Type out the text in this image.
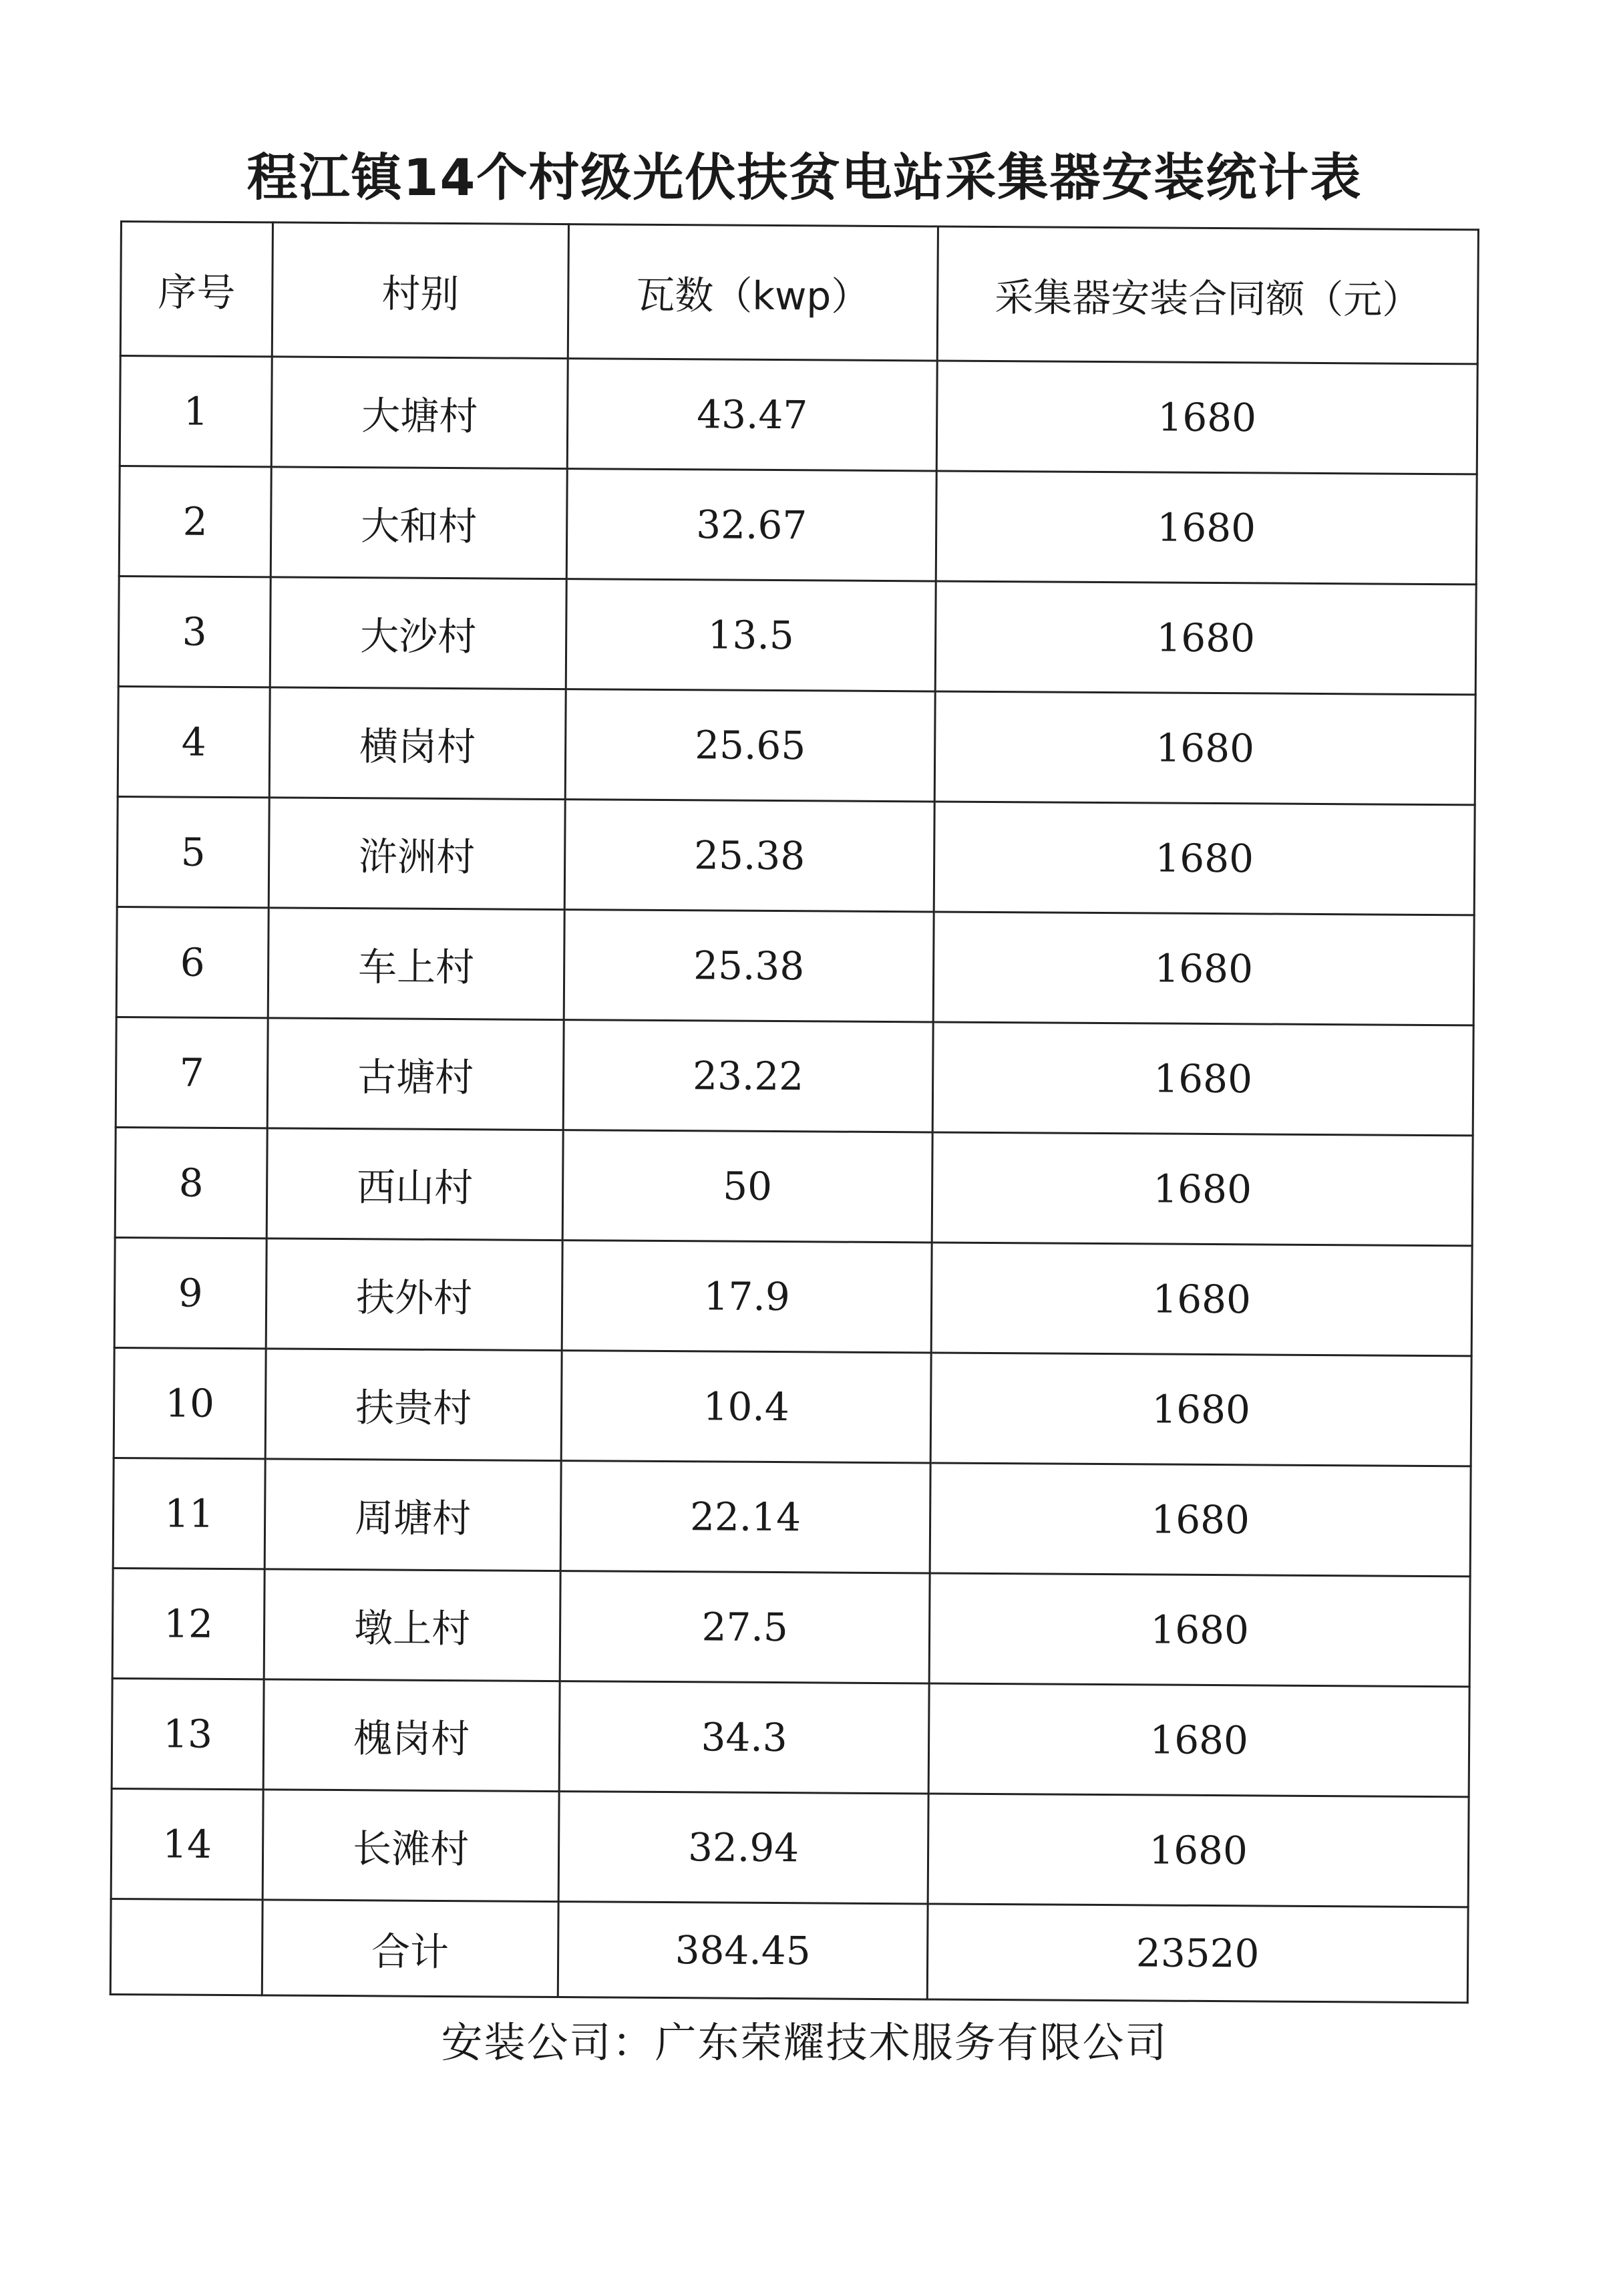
程江镇14个村级光伏扶贫电站采集器安装统计表
序号	村别	瓦数（kwp）	采集器安装合同额（元）
1	大塘村	43.47	1680
2	大和村	32.67	1680
3	大沙村	13.5	1680
4	横岗村	25.65	1680
5	浒洲村	25.38	1680
6	车上村	25.38	1680
7	古塘村	23.22	1680
8	西山村	50	1680
9	扶外村	17.9	1680
10	扶贵村	10.4	1680
11	周塘村	22.14	1680
12	墩上村	27.5	1680
13	槐岗村	34.3	1680
14	长滩村	32.94	1680
	合计	384.45	23520
安装公司：广东荣耀技术服务有限公司
